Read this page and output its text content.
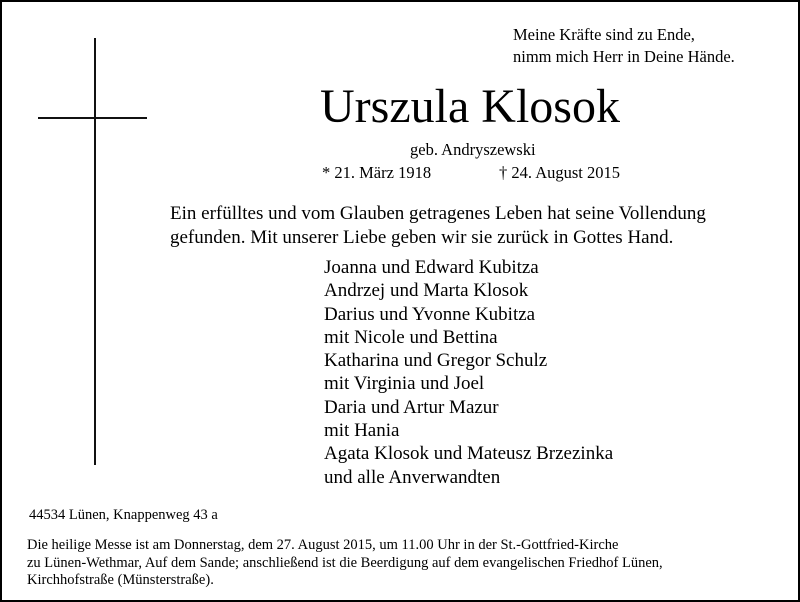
Meine Kräfte sind zu Ende,
nimm mich Herr in Deine Hände.
Urszula Klosok
geb. Andryszewski
* 21. März 1918	† 24. August 2015
Ein erfülltes und vom Glauben getragenes Leben hat seine Vollendung
gefunden. Mit unserer Liebe geben wir sie zurück in Gottes Hand.
Joanna und Edward Kubitza
Andrzej und Marta Klosok
Darius und Yvonne Kubitza
mit Nicole und Bettina
Katharina und Gregor Schulz
mit Virginia und Joel
Daria und Artur Mazur
mit Hania
Agata Klosok und Mateusz Brzezinka
und alle Anverwandten
44534 Lünen, Knappenweg 43 a
Die heilige Messe ist am Donnerstag, dem 27. August 2015, um 11.00 Uhr in der St.-Gottfried-Kirche
zu Lünen-Wethmar, Auf dem Sande; anschließend ist die Beerdigung auf dem evangelischen Friedhof Lünen,
Kirchhofstraße (Münsterstraße).
